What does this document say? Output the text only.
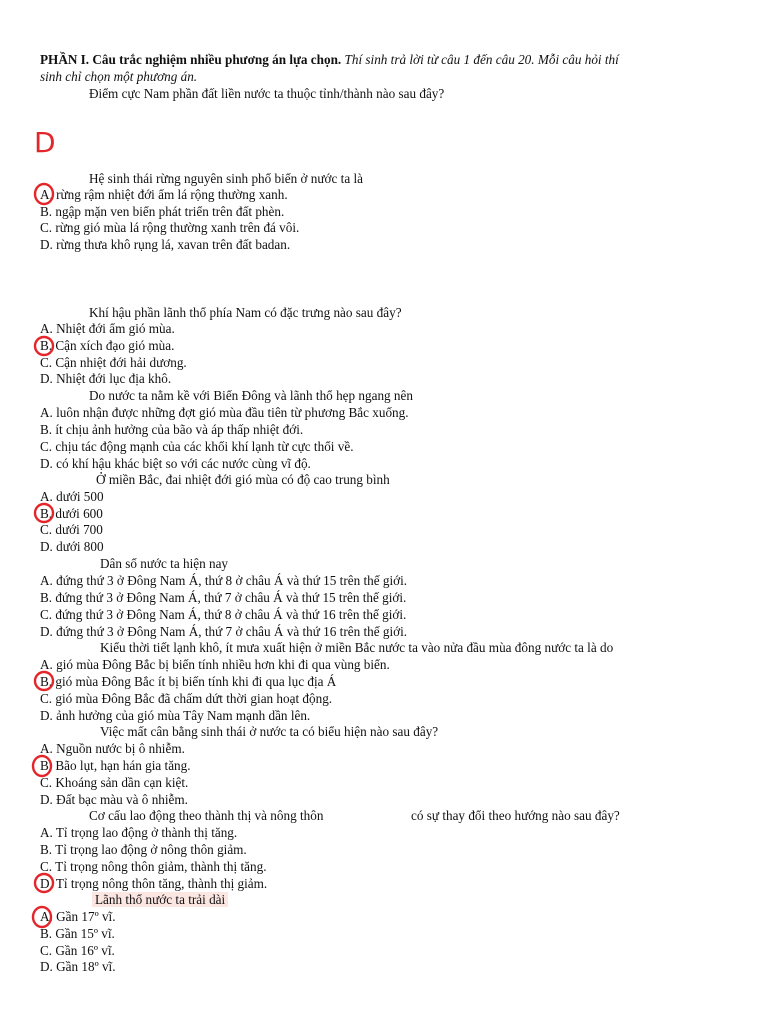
PHẦN I. Câu trắc nghiệm nhiều phương án lựa chọn. Thí sinh trả lời từ câu 1 đến câu 20. Mỗi câu hỏi thí
sinh chỉ chọn một phương án.
Điểm cực Nam phần đất liền nước ta thuộc tỉnh/thành nào sau đây?
Hệ sinh thái rừng nguyên sinh phổ biến ở nước ta là
A. rừng rậm nhiệt đới ẩm lá rộng thường xanh.
B. ngập mặn ven biển phát triển trên đất phèn.
C. rừng gió mùa lá rộng thường xanh trên đá vôi.
D. rừng thưa khô rụng lá, xavan trên đất badan.
Khí hậu phần lãnh thổ phía Nam có đặc trưng nào sau đây?
A. Nhiệt đới ẩm gió mùa.
B. Cận xích đạo gió mùa.
C. Cận nhiệt đới hải dương.
D. Nhiệt đới lục địa khô.
Do nước ta nằm kề với Biển Đông và lãnh thổ hẹp ngang nên
A. luôn nhận được những đợt gió mùa đầu tiên từ phương Bắc xuống.
B. ít chịu ảnh hưởng của bão và áp thấp nhiệt đới.
C. chịu tác động mạnh của các khối khí lạnh từ cực thổi về.
D. có khí hậu khác biệt so với các nước cùng vĩ độ.
Ở miền Bắc, đai nhiệt đới gió mùa có độ cao trung bình
A. dưới 500
B. dưới 600
C. dưới 700
D. dưới 800
Dân số nước ta hiện nay
A. đứng thứ 3 ở Đông Nam Á, thứ 8 ở châu Á và thứ 15 trên thế giới.
B. đứng thứ 3 ở Đông Nam Á, thứ 7 ở châu Á và thứ 15 trên thế giới.
C. đứng thứ 3 ở Đông Nam Á, thứ 8 ở châu Á và thứ 16 trên thế giới.
D. đứng thứ 3 ở Đông Nam Á, thứ 7 ở châu Á và thứ 16 trên thế giới.
Kiểu thời tiết lạnh khô, ít mưa xuất hiện ở miền Bắc nước ta vào nửa đầu mùa đông nước ta là do
A. gió mùa Đông Bắc bị biến tính nhiều hơn khi đi qua vùng biển.
B. gió mùa Đông Bắc ít bị biến tính khi đi qua lục địa Á
C. gió mùa Đông Bắc đã chấm dứt thời gian hoạt động.
D. ảnh hưởng của gió mùa Tây Nam mạnh dần lên.
Việc mất cân bằng sinh thái ở nước ta có biểu hiện nào sau đây?
A. Nguồn nước bị ô nhiễm.
B. Bão lụt, hạn hán gia tăng.
C. Khoáng sản dần cạn kiệt.
D. Đất bạc màu và ô nhiễm.
Cơ cấu lao động theo thành thị và nông thôn	có sự thay đổi theo hướng nào sau đây?
A. Tỉ trọng lao động ở thành thị tăng.
B. Tỉ trọng lao động ở nông thôn giảm.
C. Tỉ trọng nông thôn giảm, thành thị tăng.
D. Tỉ trọng nông thôn tăng, thành thị giảm.
Lãnh thổ nước ta trải dài
A. Gần 17º vĩ.
B. Gần 15º vĩ.
C. Gần 16º vĩ.
D. Gần 18º vĩ.
D
